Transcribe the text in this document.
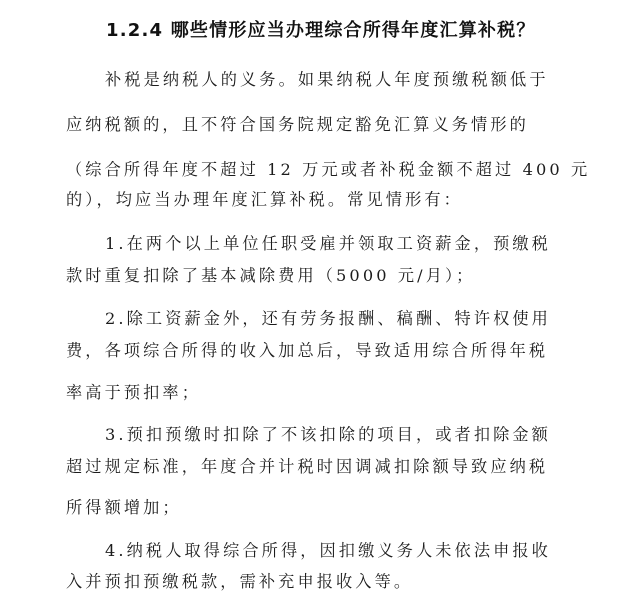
1.2.4 哪些情形应当办理综合所得年度汇算补税？
补税是纳税人的义务。如果纳税人年度预缴税额低于
应纳税额的，且不符合国务院规定豁免汇算义务情形的
（综合所得年度不超过 12 万元或者补税金额不超过 400 元
的），均应当办理年度汇算补税。常见情形有：
1.在两个以上单位任职受雇并领取工资薪金，预缴税
款时重复扣除了基本减除费用（5000 元/月）；
2.除工资薪金外，还有劳务报酬、稿酬、特许权使用
费，各项综合所得的收入加总后，导致适用综合所得年税
率高于预扣率；
3.预扣预缴时扣除了不该扣除的项目，或者扣除金额
超过规定标准，年度合并计税时因调减扣除额导致应纳税
所得额增加；
4.纳税人取得综合所得，因扣缴义务人未依法申报收
入并预扣预缴税款，需补充申报收入等。
